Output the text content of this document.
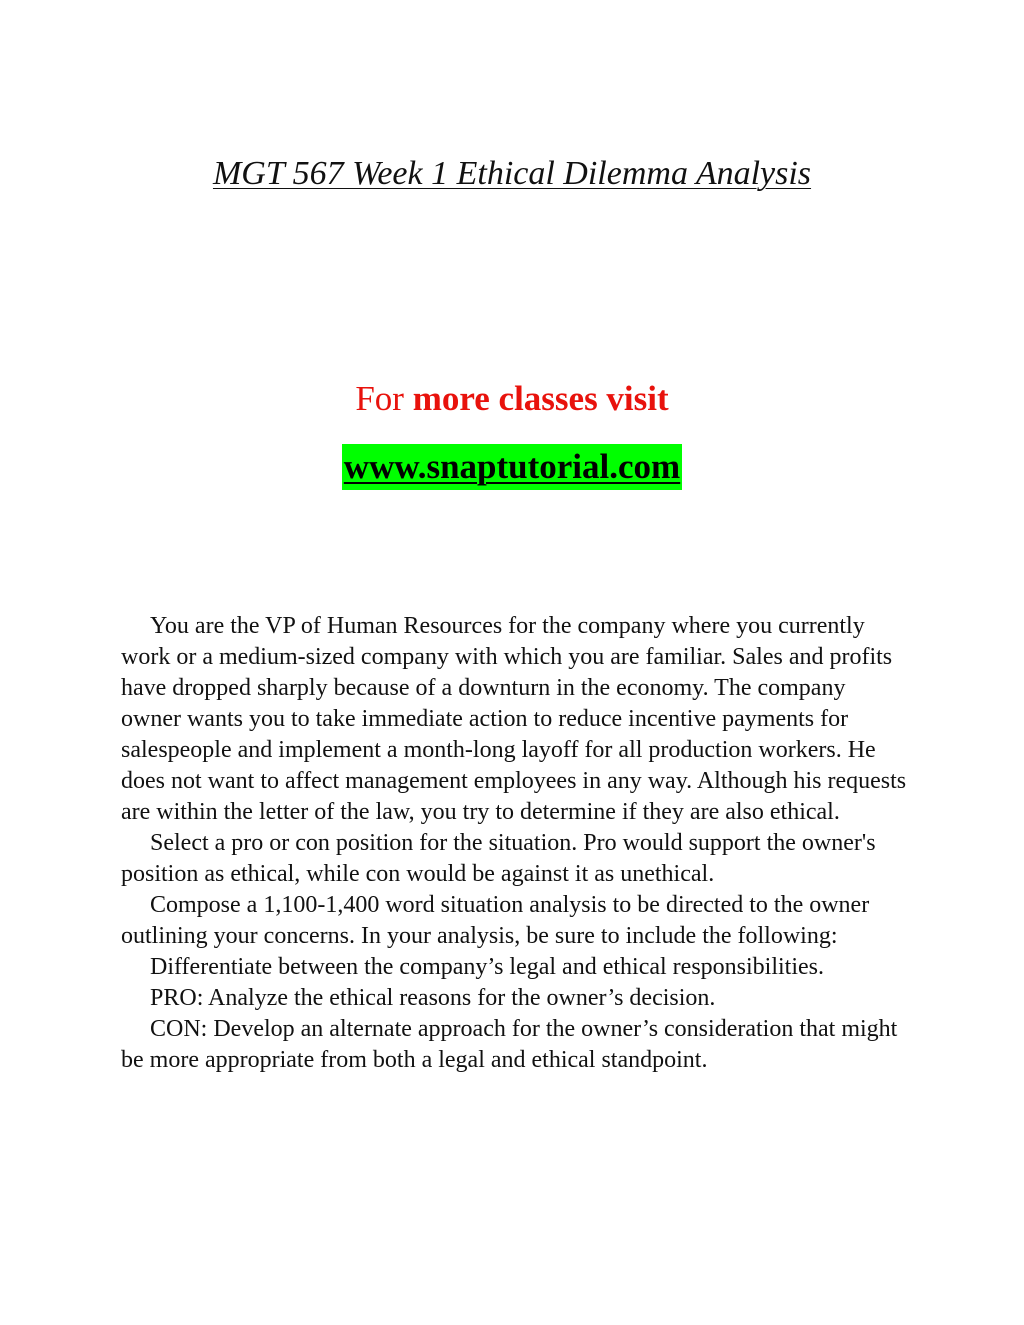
MGT 567 Week 1 Ethical Dilemma Analysis
For more classes visit
www.snaptutorial.com

You are the VP of Human Resources for the company where you currently work or a medium-sized company with which you are familiar. Sales and profits have dropped sharply because of a downturn in the economy. The company owner wants you to take immediate action to reduce incentive payments for salespeople and implement a month-long layoff for all production workers. He does not want to affect management employees in any way. Although his requests are within the letter of the law, you try to determine if they are also ethical.

Select a pro or con position for the situation. Pro would support the owner's position as ethical, while con would be against it as unethical.

Compose a 1,100-1,400 word situation analysis to be directed to the owner outlining your concerns. In your analysis, be sure to include the following:

Differentiate between the company’s legal and ethical responsibilities.

PRO: Analyze the ethical reasons for the owner’s decision.

CON: Develop an alternate approach for the owner’s consideration that might be more appropriate from both a legal and ethical standpoint.
